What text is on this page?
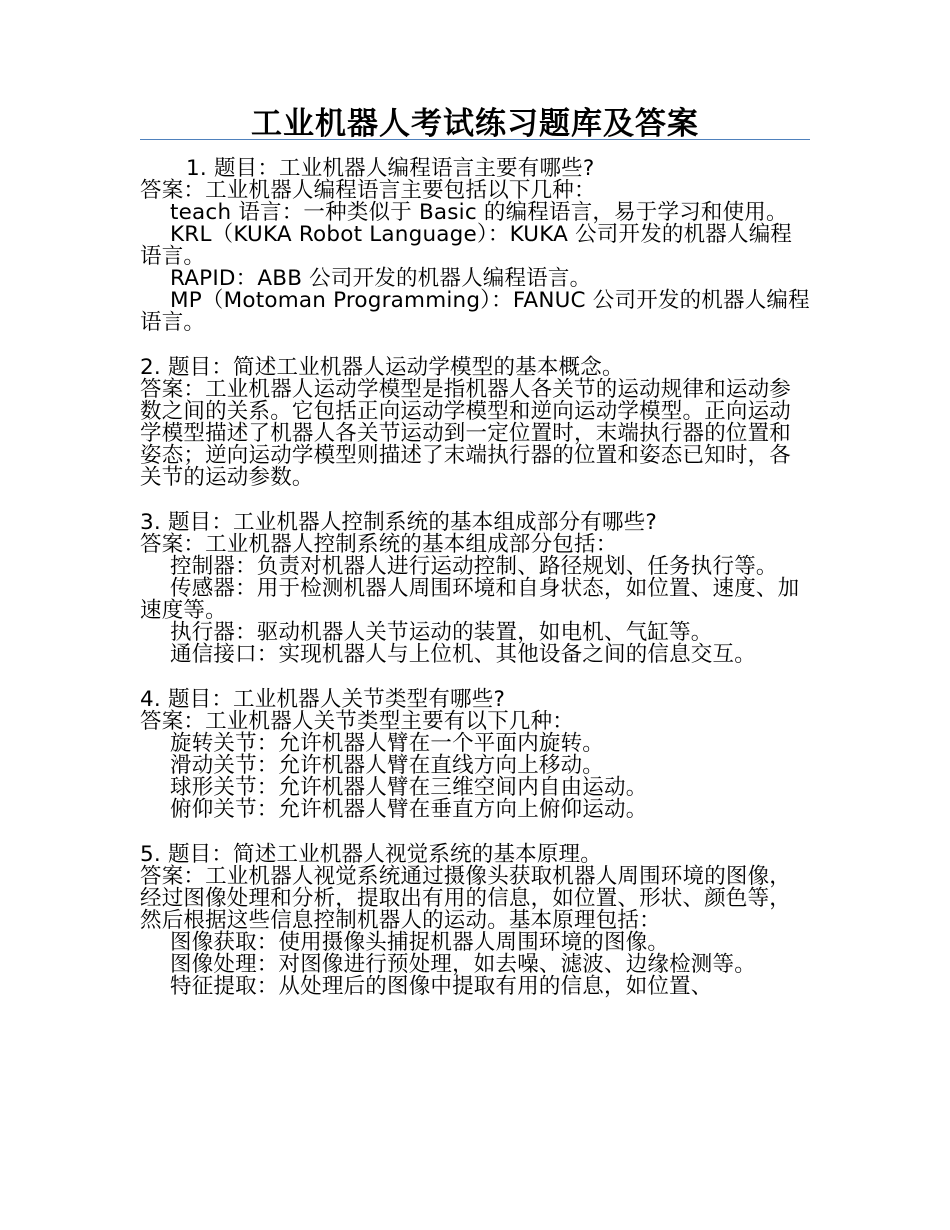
工业机器人考试练习题库及答案

1. 题目：工业机器人编程语言主要有哪些?

答案：工业机器人编程语言主要包括以下几种：

teach 语言：一种类似于 Basic 的编程语言，易于学习和使用。

KRL（KUKA Robot Language）：KUKA 公司开发的机器人编程语言。

RAPID：ABB 公司开发的机器人编程语言。

MP（Motoman Programming）：FANUC 公司开发的机器人编程语言。

2. 题目：简述工业机器人运动学模型的基本概念。

答案：工业机器人运动学模型是指机器人各关节的运动规律和运动参数之间的关系。它包括正向运动学模型和逆向运动学模型。正向运动学模型描述了机器人各关节运动到一定位置时，末端执行器的位置和姿态；逆向运动学模型则描述了末端执行器的位置和姿态已知时，各关节的运动参数。

3. 题目：工业机器人控制系统的基本组成部分有哪些?

答案：工业机器人控制系统的基本组成部分包括：

控制器：负责对机器人进行运动控制、路径规划、任务执行等。

传感器：用于检测机器人周围环境和自身状态，如位置、速度、加速度等。

执行器：驱动机器人关节运动的装置，如电机、气缸等。

通信接口：实现机器人与上位机、其他设备之间的信息交互。

4. 题目：工业机器人关节类型有哪些?

答案：工业机器人关节类型主要有以下几种：

旋转关节：允许机器人臂在一个平面内旋转。

滑动关节：允许机器人臂在直线方向上移动。

球形关节：允许机器人臂在三维空间内自由运动。

俯仰关节：允许机器人臂在垂直方向上俯仰运动。

5. 题目：简述工业机器人视觉系统的基本原理。

答案：工业机器人视觉系统通过摄像头获取机器人周围环境的图像，经过图像处理和分析，提取出有用的信息，如位置、形状、颜色等，然后根据这些信息控制机器人的运动。基本原理包括：

图像获取：使用摄像头捕捉机器人周围环境的图像。

图像处理：对图像进行预处理，如去噪、滤波、边缘检测等。

特征提取：从处理后的图像中提取有用的信息，如位置、
